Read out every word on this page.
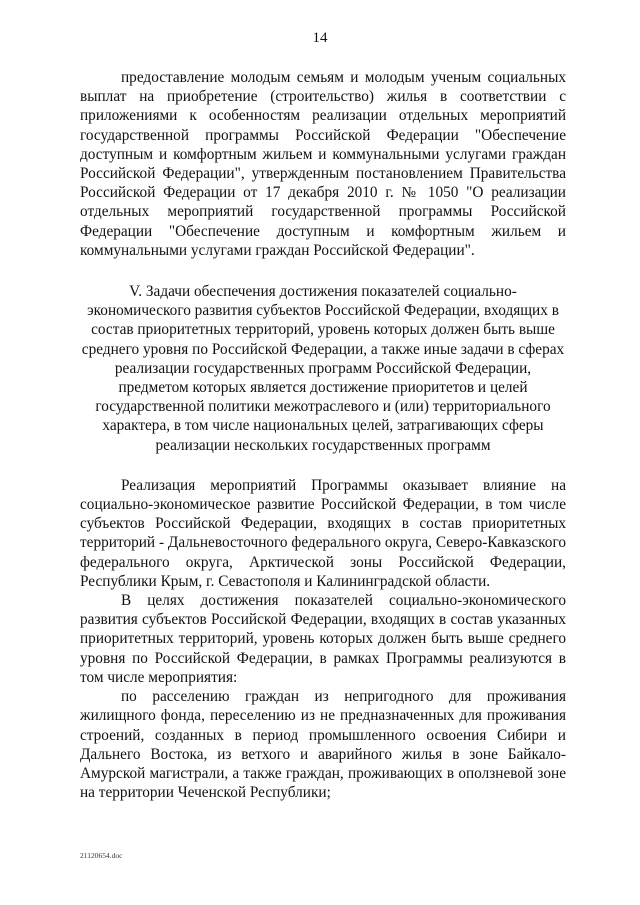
14

предоставление молодым семьям и молодым ученым социальных выплат на приобретение (строительство) жилья в соответствии с приложениями к особенностям реализации отдельных мероприятий государственной программы Российской Федерации "Обеспечение доступным и комфортным жильем и коммунальными услугами граждан Российской Федерации", утвержденным постановлением Правительства Российской Федерации от 17 декабря 2010 г. № 1050 "О реализации отдельных мероприятий государственной программы Российской Федерации "Обеспечение доступным и комфортным жильем и коммунальными услугами граждан Российской Федерации".

V. Задачи обеспечения достижения показателей социально-экономического развития субъектов Российской Федерации, входящих в состав приоритетных территорий, уровень которых должен быть выше среднего уровня по Российской Федерации, а также иные задачи в сферах реализации государственных программ Российской Федерации, предметом которых является достижение приоритетов и целей государственной политики межотраслевого и (или) территориального характера, в том числе национальных целей, затрагивающих сферы реализации нескольких государственных программ

Реализация мероприятий Программы оказывает влияние на социально-экономическое развитие Российской Федерации, в том числе субъектов Российской Федерации, входящих в состав приоритетных территорий - Дальневосточного федерального округа, Северо-Кавказского федерального округа, Арктической зоны Российской Федерации, Республики Крым, г. Севастополя и Калининградской области.

В целях достижения показателей социально-экономического развития субъектов Российской Федерации, входящих в состав указанных приоритетных территорий, уровень которых должен быть выше среднего уровня по Российской Федерации, в рамках Программы реализуются в том числе мероприятия:

по расселению граждан из непригодного для проживания жилищного фонда, переселению из не предназначенных для проживания строений, созданных в период промышленного освоения Сибири и Дальнего Востока, из ветхого и аварийного жилья в зоне Байкало-Амурской магистрали, а также граждан, проживающих в оползневой зоне на территории Чеченской Республики;

21120654.doc
